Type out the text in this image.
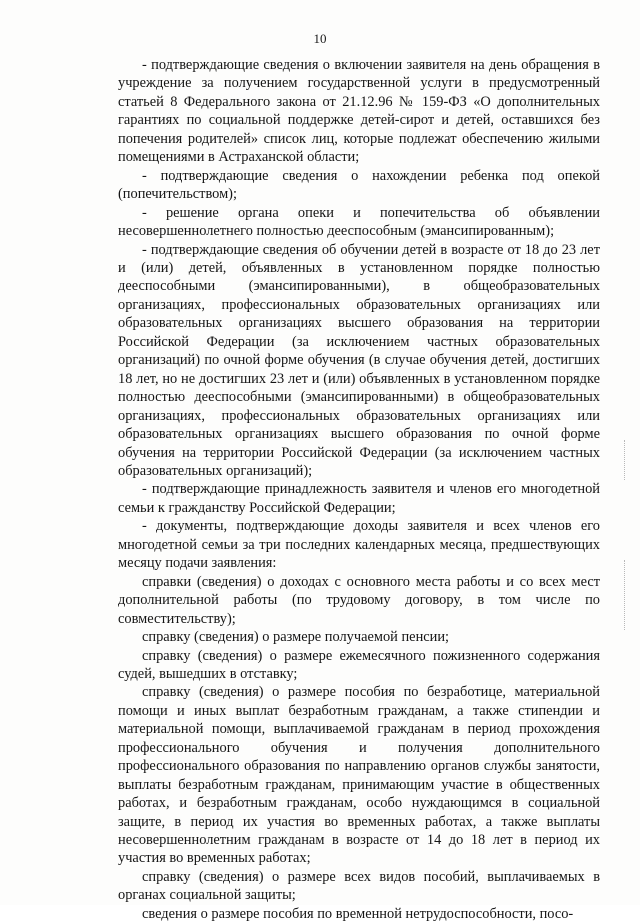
10

- подтверждающие сведения о включении заявителя на день обращения в учреждение за получением государственной услуги в предусмотренный статьей 8 Федерального закона от 21.12.96 № 159-ФЗ «О дополнительных гарантиях по социальной поддержке детей-сирот и детей, оставшихся без попечения родителей» список лиц, которые подлежат обеспечению жилыми помещениями в Астраханской области;

- подтверждающие сведения о нахождении ребенка под опекой (попечительством);

- решение органа опеки и попечительства об объявлении несовершеннолетнего полностью дееспособным (эмансипированным);

- подтверждающие сведения об обучении детей в возрасте от 18 до 23 лет и (или) детей, объявленных в установленном порядке полностью дееспособными (эмансипированными), в общеобразовательных организациях, профессиональных образовательных организациях или образовательных организациях высшего образования на территории Российской Федерации (за исключением частных образовательных организаций) по очной форме обучения (в случае обучения детей, достигших 18 лет, но не достигших 23 лет и (или) объявленных в установленном порядке полностью дееспособными (эмансипированными) в общеобразовательных организациях, профессиональных образовательных организациях или образовательных организациях высшего образования по очной форме обучения на территории Российской Федерации (за исключением частных образовательных организаций);

- подтверждающие принадлежность заявителя и членов его многодетной семьи к гражданству Российской Федерации;

- документы, подтверждающие доходы заявителя и всех членов его многодетной семьи за три последних календарных месяца, предшествующих месяцу подачи заявления:

справки (сведения) о доходах с основного места работы и со всех мест дополнительной работы (по трудовому договору, в том числе по совместительству);

справку (сведения) о размере получаемой пенсии;

справку (сведения) о размере ежемесячного пожизненного содержания судей, вышедших в отставку;

справку (сведения) о размере пособия по безработице, материальной помощи и иных выплат безработным гражданам, а также стипендии и материальной помощи, выплачиваемой гражданам в период прохождения профессионального обучения и получения дополнительного профессионального образования по направлению органов службы занятости, выплаты безработным гражданам, принимающим участие в общественных работах, и безработным гражданам, особо нуждающимся в социальной защите, в период их участия во временных работах, а также выплаты несовершеннолетним гражданам в возрасте от 14 до 18 лет в период их участия во временных работах;

справку (сведения) о размере всех видов пособий, выплачиваемых в органах социальной защиты;

сведения о размере пособия по временной нетрудоспособности, посо-
